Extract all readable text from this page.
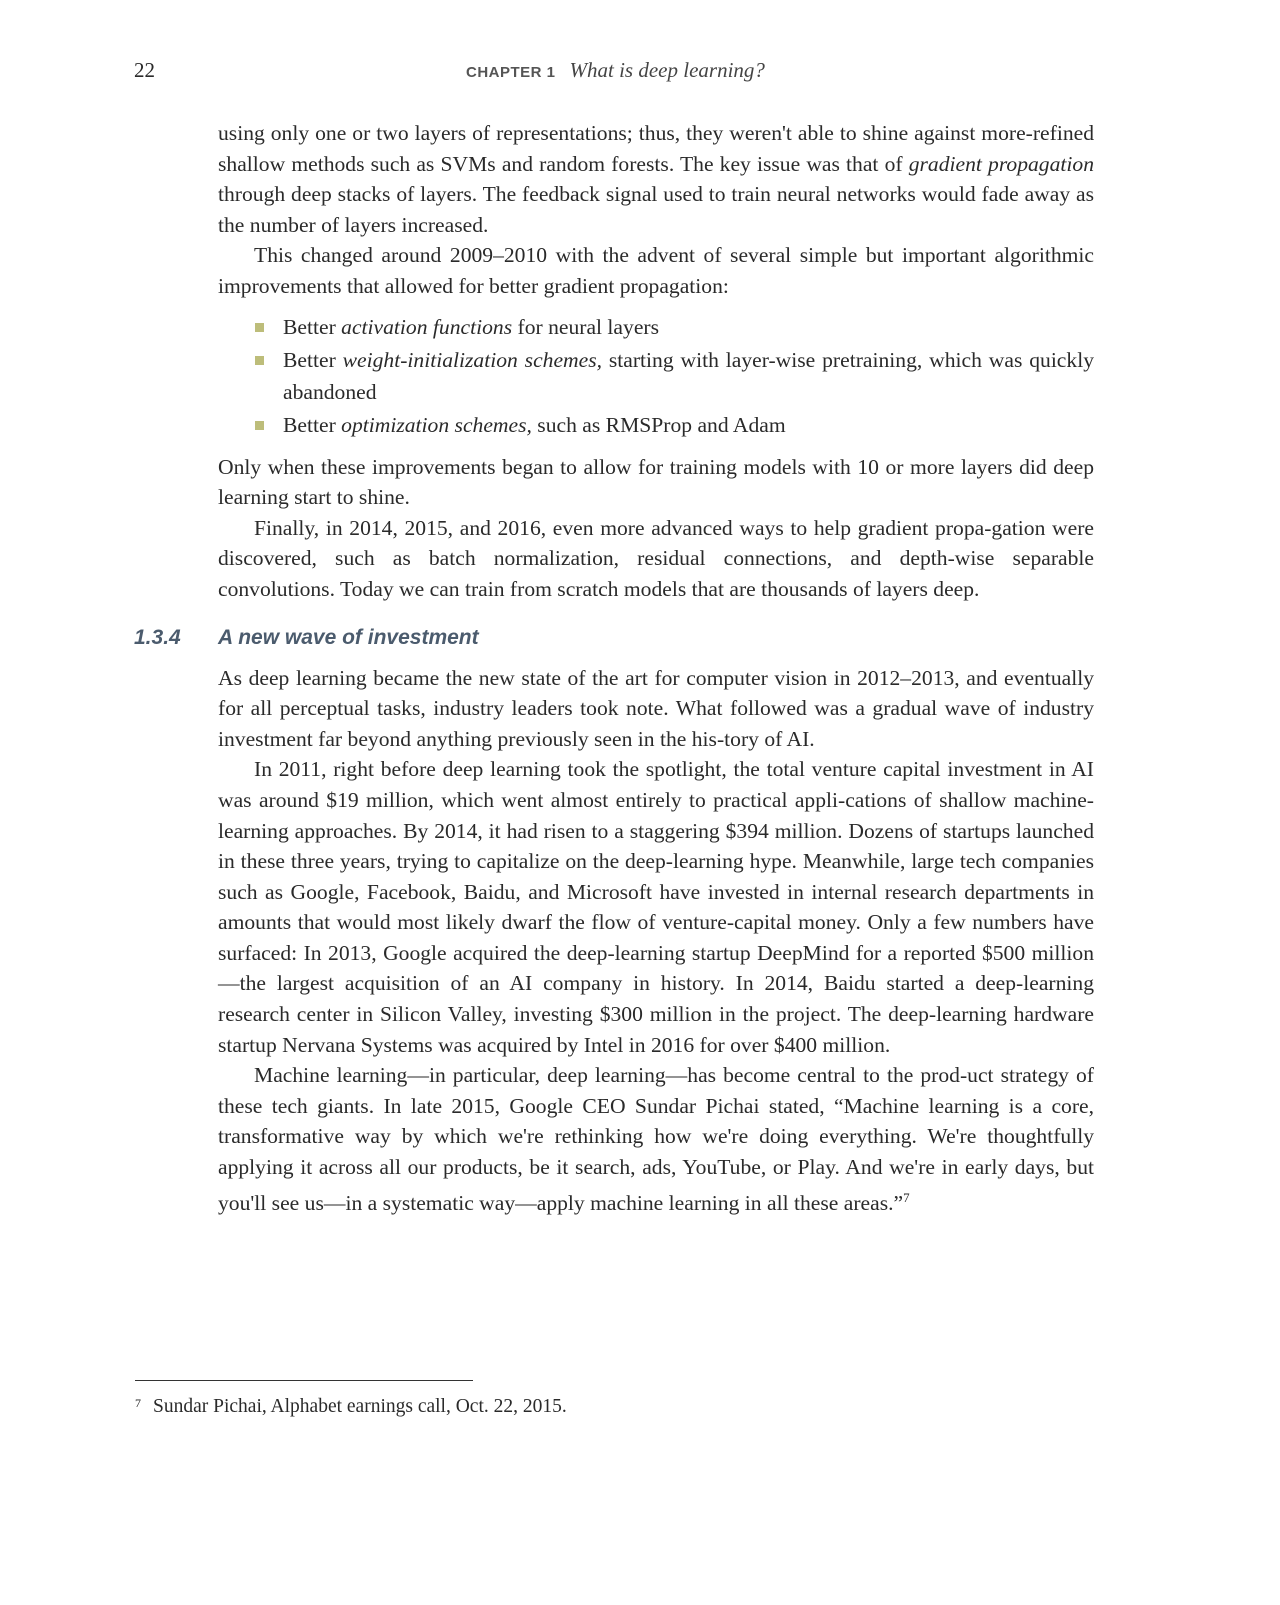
22	CHAPTER 1 What is deep learning?

using only one or two layers of representations; thus, they weren't able to shine against more-refined shallow methods such as SVMs and random forests. The key issue was that of gradient propagation through deep stacks of layers. The feedback signal used to train neural networks would fade away as the number of layers increased.

This changed around 2009–2010 with the advent of several simple but important algorithmic improvements that allowed for better gradient propagation:

Better activation functions for neural layers
Better weight-initialization schemes, starting with layer-wise pretraining, which was quickly abandoned
Better optimization schemes, such as RMSProp and Adam

Only when these improvements began to allow for training models with 10 or more layers did deep learning start to shine.

Finally, in 2014, 2015, and 2016, even more advanced ways to help gradient propa-gation were discovered, such as batch normalization, residual connections, and depth-wise separable convolutions. Today we can train from scratch models that are thousands of layers deep.

1.3.4 A new wave of investment

As deep learning became the new state of the art for computer vision in 2012–2013, and eventually for all perceptual tasks, industry leaders took note. What followed was a gradual wave of industry investment far beyond anything previously seen in the his-tory of AI.

In 2011, right before deep learning took the spotlight, the total venture capital investment in AI was around $19 million, which went almost entirely to practical appli-cations of shallow machine-learning approaches. By 2014, it had risen to a staggering $394 million. Dozens of startups launched in these three years, trying to capitalize on the deep-learning hype. Meanwhile, large tech companies such as Google, Facebook, Baidu, and Microsoft have invested in internal research departments in amounts that would most likely dwarf the flow of venture-capital money. Only a few numbers have surfaced: In 2013, Google acquired the deep-learning startup DeepMind for a reported $500 million—the largest acquisition of an AI company in history. In 2014, Baidu started a deep-learning research center in Silicon Valley, investing $300 million in the project. The deep-learning hardware startup Nervana Systems was acquired by Intel in 2016 for over $400 million.

Machine learning—in particular, deep learning—has become central to the prod-uct strategy of these tech giants. In late 2015, Google CEO Sundar Pichai stated, “Machine learning is a core, transformative way by which we're rethinking how we're doing everything. We're thoughtfully applying it across all our products, be it search, ads, YouTube, or Play. And we're in early days, but you'll see us—in a systematic way—apply machine learning in all these areas.”$^7$

$^7$ Sundar Pichai, Alphabet earnings call, Oct. 22, 2015.
